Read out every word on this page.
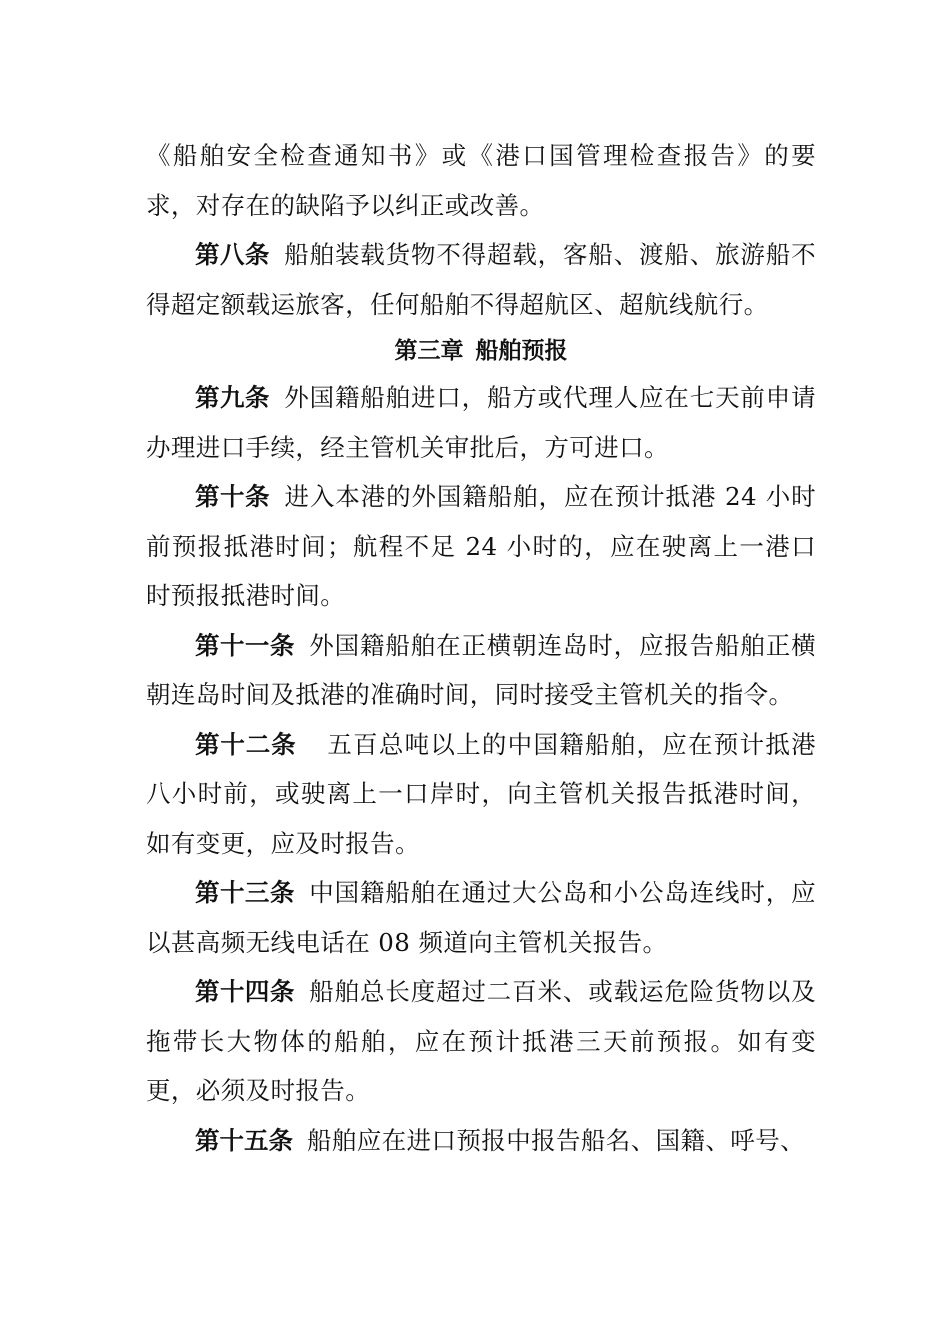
《船舶安全检查通知书》或《港口国管理检查报告》的要求，对存在的缺陷予以纠正或改善。

第八条 船舶装载货物不得超载，客船、渡船、旅游船不得超定额载运旅客，任何船舶不得超航区、超航线航行。

第三章 船舶预报

第九条 外国籍船舶进口，船方或代理人应在七天前申请办理进口手续，经主管机关审批后，方可进口。

第十条 进入本港的外国籍船舶，应在预计抵港 24 小时前预报抵港时间；航程不足 24 小时的，应在驶离上一港口时预报抵港时间。

第十一条 外国籍船舶在正横朝连岛时，应报告船舶正横朝连岛时间及抵港的准确时间，同时接受主管机关的指令。

第十二条 五百总吨以上的中国籍船舶，应在预计抵港八小时前，或驶离上一口岸时，向主管机关报告抵港时间，如有变更，应及时报告。

第十三条 中国籍船舶在通过大公岛和小公岛连线时，应以甚高频无线电话在 08 频道向主管机关报告。

第十四条 船舶总长度超过二百米、或载运危险货物以及拖带长大物体的船舶，应在预计抵港三天前预报。如有变更，必须及时报告。

第十五条 船舶应在进口预报中报告船名、国籍、呼号、
